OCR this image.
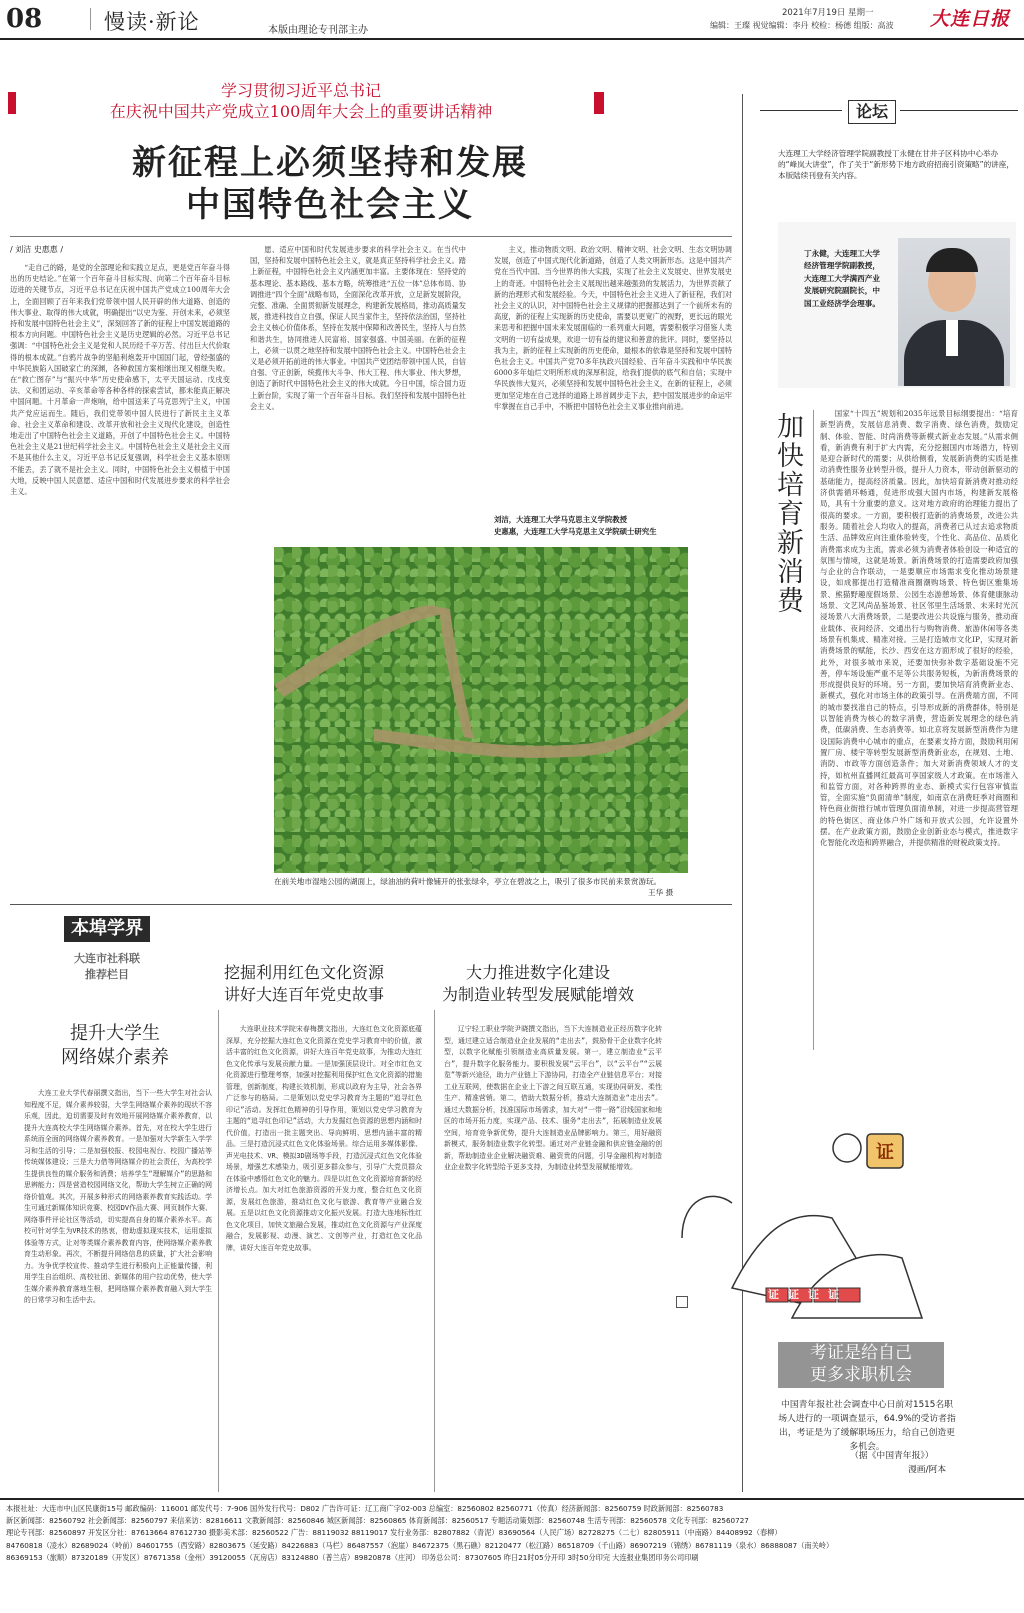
08	慢读·新论	本版由理论专刊部主办
2021年7月19日 星期一
编辑：王璨 视觉编辑：李丹 校检：杨德 组版：高波 大连日报
学习贯彻习近平总书记
在庆祝中国共产党成立100周年大会上的重要讲话精神
新征程上必须坚持和发展
中国特色社会主义
/ 刘洁 史惠惠 /

“走自己的路，是党的全部理论和实践立足点，更是党百年奋斗得出的历史结论。”在第一个百年奋斗目标实现、向第二个百年奋斗目标迈进的关键节点，习近平总书记在庆祝中国共产党成立100周年大会上，全面回顾了百年来我们党带领中国人民开辟的伟大道路、创造的伟大事业、取得的伟大成就，明确提出“以史为鉴、开创未来，必须坚持和发展中国特色社会主义”，深刻回答了新的征程上中国发展道路的根本方向问题。中国特色社会主义是历史逻辑的必然。习近平总书记强调：“中国特色社会主义是党和人民历经千辛万苦、付出巨大代价取得的根本成就。”自鸦片战争的坚船利炮轰开中国国门起，曾经强盛的中华民族陷入国破家亡的深渊，各种救国方案相继出现又相继失败。在“救亡图存”与“振兴中华”历史使命感下，太平天国运动、戊戌变法、义和团运动、辛亥革命等各种各样的探索尝试，都未能真正解决中国问题。十月革命一声炮响，给中国送来了马克思列宁主义，中国共产党应运而生。随后，我们党带领中国人民进行了新民主主义革命、社会主义革命和建设、改革开放和社会主义现代化建设，创造性地走出了中国特色社会主义道路，开创了中国特色社会主义。中国特色社会主义是21世纪科学社会主义。中国特色社会主义是社会主义而不是其他什么主义，习近平总书记反复强调，科学社会主义基本原则不能丢，丢了就不是社会主义。同时，中国特色社会主义根植于中国大地，反映中国人民意愿、适应中国和时代发展进步要求的科学社会主义。

愿、适应中国和时代发展进步要求的科学社会主义。在当代中国，坚持和发展中国特色社会主义，就是真正坚持科学社会主义。踏上新征程，中国特色社会主义内涵更加丰富。主要体现在：坚持党的基本理论、基本路线、基本方略，统筹推进“五位一体”总体布局、协调推进“四个全面”战略布局，全面深化改革开放，立足新发展阶段，完整、准确、全面贯彻新发展理念，构建新发展格局，推动高质量发展，推进科技自立自强，保证人民当家作主，坚持依法治国，坚持社会主义核心价值体系，坚持在发展中保障和改善民生，坚持人与自然和谐共生，协同推进人民富裕、国家强盛、中国美丽。在新的征程上，必须一以贯之地坚持和发展中国特色社会主义。中国特色社会主义是必须开拓前进的伟大事业。中国共产党团结带领中国人民，自信自强、守正创新，统揽伟大斗争、伟大工程、伟大事业、伟大梦想，创造了新时代中国特色社会主义的伟大成就。今日中国，综合国力迈上新台阶，实现了第一个百年奋斗目标。我们坚持和发展中国特色社会主义。

主义，推动物质文明、政治文明、精神文明、社会文明、生态文明协调发展，创造了中国式现代化新道路，创造了人类文明新形态。这是中国共产党在当代中国、当今世界的伟大实践，实现了社会主义发展史、世界发展史上的奇迹。中国特色社会主义展现出越来越强劲的发展活力，为世界贡献了新的治理形式和发展经验。今天，中国特色社会主义进入了新征程，我们对社会主义的认识，对中国特色社会主义规律的把握都达到了一个前所未有的高度，新的征程上实现新的历史使命，需要以更宽广的视野，更长远的眼光来思考和把握中国未来发展面临的一系列重大问题，需要积极学习借鉴人类文明的一切有益成果，欢迎一切有益的建议和善意的批评。同时，要坚持以我为主，新的征程上实现新的历史使命，最根本的依靠是坚持和发展中国特色社会主义。中国共产党70多年执政兴国经验、百年奋斗实践和中华民族6000多年灿烂文明所形成的深厚积淀，给我们提供的底气和自信；实现中华民族伟大复兴，必须坚持和发展中国特色社会主义，在新的征程上，必须更加坚定地在自己选择的道路上昂首阔步走下去，把中国发展进步的命运牢牢掌握在自己手中，不断把中国特色社会主义事业推向前进。

刘洁，大连理工大学马克思主义学院教授
史惠惠，大连理工大学马克思主义学院硕士研究生
在前关地市湿地公园的湖面上，绿油油的荷叶像铺开的张张绿伞，亭立在碧波之上，吸引了很多市民前来景赏游玩。
王华 摄
论坛
大连理工大学经济管理学院副教授丁永健在甘井子区科协中心举办的“峰岚大讲堂”，作了关于“新形势下地方政府招商引资策略”的讲座，本版陆续刊登有关内容。
丁永健，大连理工大学经济管理学院副教授，大连理工大学满西产业发展研究院副院长，中国工业经济学会理事。
加快培育新消费	国家“十四五”规划和2035年远景目标纲要提出：“培育新型消费，发展信息消费、数字消费、绿色消费，鼓励定制、体验、智能、时尚消费等新模式新业态发展。”从需求侧看，新消费有利于扩大内需，充分挖掘国内市场潜力，特别是迎合新时代的需要；从供给侧看，发展新消费的实质是推动消费性服务业转型升级，提升人力资本，带动创新驱动的基础能力，提高经济质量。因此，加快培育新消费对推动经济供需循环畅通，促进形成强大国内市场，构建新发展格局，具有十分重要的意义。这对地方政府的治理能力提出了很高的要求。一方面，要积极打造新的消费场景，改进公共服务。随着社会人均收入的提高，消费者已从过去追求物质生活、品牌效应向注重体验转变，个性化、高品位、品质化消费需求成为主流，需求必须为消费者体验创设一种适宜的氛围与情境，这就是场景。新消费场景的打造需要政府加强与企业的合作联动，一是要顺应市场需求变化推动场景建设，如成都提出打造精准商圈潮购场景、特色街区雅集场景、熊猫野趣度假场景、公园生态游憩场景、体育健康脉动场景、文艺风尚品鉴场景、社区邻里生活场景、未来时光沉浸场景八大消费场景，二是要改进公共设施与服务，推动商业载体、夜间经济、交通出行与购物消费、旅游休闲等各类场景有机集成、精准对接。三是打造城市文化IP，实现对新消费场景的赋能，长沙、西安在这方面形成了很好的经验，此外，对很多城市来说，还要加快弥补数字基础设施不完善，停车场设施严重不足等公共服务短板，为新消费场景的形成提供良好的环境。另一方面，要加快培育消费新业态、新模式，强化对市场主体的政策引导。在消费端方面，不同的城市要找准自己的特点，引导形成新的消费群体，特别是以智能消费为核心的数字消费，营造新发展理念的绿色消费，低碳消费、生态消费等。如北京将发展新型消费作为建设国际消费中心城市的重点，在要素支持方面，鼓励利用闲置厂房、楼宇等转型发展新型消费新业态，在规划、土地、消防、市政等方面创造条件；加大对新消费领域人才的支持，如杭州直播网红最高可享国家级人才政策。在市场准入和监管方面，对各种跨界的业态、新模式实行包容审慎监管，全面实施“负面清单”制度，如南京在消费旺季对商圈和特色商业街推行城市管理负面清单制，对进一步提高营管理的特色街区、商业体户外广场和开放式公园，允许设置外摆。在产业政策方面，鼓励企业创新业态与模式，推进数字化智能化改造和跨界融合，并提供精准的财税政策支持。

证
证证证证
考证是给自己
更多求职机会
中国青年报社社会调查中心日前对1515名职场人进行的一项调查显示，64.9%的受访者指出，考证是为了缓解职场压力，给自己创造更多机会。
（据《中国青年报》）
漫画/阿本
本埠学界
大连市社科联
推荐栏目
提升大学生
网络媒介素养

大连工业大学代春丽撰文指出，当下一些大学生对社会认知程度不足，媒介素养较弱，大学生网络媒介素养的现状不容乐观，因此，迫切需要及时有效地开展网络媒介素养教育，以提升大连高校大学生网络媒介素养。首先，对在校大学生进行系统而全面的网络媒介素养教育。一是加强对大学新生入学学习和生活的引导；二是加强校报、校园电视台、校园广播站等传统媒体建设；三是大力借等网络媒介的社会责任，为高校学生提供良性的媒介服务和消费；培养学生“理解媒介”的思路和思辨能力；四是营造校园网络文化，帮助大学生树立正确的网络价值观。其次，开展多种形式的网络素养教育实践活动。学生可通过新媒体知识竞赛、校园DV作品大赛、网页制作大赛、网络事件评论社区等活动，切实提高自身的媒介素养水平。高校可针对学生为VR技术的热衷，借助虚拟现实技术，运用虚拟体验等方式，让对等类媒介素养教育内容，使网络媒介素养教育生动形象。再次，不断提升网络信息的质量，扩大社会影响力。为争优学校宣传、推动学生进行积极向上正能量传播，利用学生自治组织、高校社团、新媒体的用户拉动优势，使大学生媒介素养教育落地生根，把网络媒介素养教育融入到大学生的日常学习和生活中去。

挖掘利用红色文化资源
讲好大连百年党史故事

大连职业技术学院宋春梅撰文指出，大连红色文化资源底蕴深厚，充分挖掘大连红色文化资源在党史学习教育中的价值，激活丰富的红色文化资源，讲好大连百年党史故事，为推动大连红色文化传承与发展贡献力量。一是加强顶层设计。对全市红色文化资源进行整理考察，加强对挖掘利用保护红色文化资源的措施管理，创新制度，构建长效机制，形成以政府为主导，社会各界广泛参与的格局。二是策划以党史学习教育为主题的“追寻红色印记”活动。发挥红色精神的引导作用，策划以党史学习教育为主题的“追寻红色印记”活动，大力发掘红色资源的思想内涵和时代价值，打造出一批主题突出、导向鲜明、思想内涵丰富的精品。三是打造沉浸式红色文化体验场景。综合运用多媒体影像、声光电技术、VR、模拟3D剧场等手段，打造沉浸式红色文化体验场景，增强艺术感染力，吸引更多群众参与，引导广大党员群众在体验中感悟红色文化的魅力。四是以红色文化资源培育新的经济增长点。加大对红色旅游资源的开发力度，整合红色文化资源，发展红色旅游，推动红色文化与旅游、教育等产业融合发展。五是以红色文化资源推动文化振兴发展。打造大连地标性红色文化项目，加快文旅融合发展，推动红色文化资源与产业深度融合，发展影视、动漫、演艺、文创等产业，打造红色文化品牌，讲好大连百年党史故事。

大力推进数字化建设
为制造业转型发展赋能增效

辽宁轻工职业学院尹晓撰文指出，当下大连制造业正经历数字化转型，通过建立适合制造业企业发展的“走出去”，鼓励骨干企业数字化转型，以数字化赋能引领制造业高质量发展。第一，建立制造业“云平台”，提升数字化服务能力。要积极发展“云平台”，以“云平台”“云展览”等新兴途径，助力产业链上下游协同，打造全产业链信息平台；对接工业互联网，使数据在企业上下游之间互联互通，实现协同研发、柔性生产、精准营销。第二，借助大数据分析，推动大连制造业“走出去”。通过大数据分析，找准国际市场需求，加大对“一带一路”沿线国家和地区的市场开拓力度，实现产品、技术、服务“走出去”，拓展制造业发展空间，培育竞争新优势，提升大连制造业品牌影响力。第三，用好融资新模式，服务制造业数字化转型。通过对产业链金融和供应链金融的创新，帮助制造业企业解决融资难、融资贵的问题，引导金融机构对制造业企业数字化转型给予更多支持，为制造业转型发展赋能增效。

本报社址：大连市中山区民康街15号 邮政编码：116001 邮发代号：7-906 国外发行代号：D802 广告许可证：辽工商广字02-003 总编室：82560802 82560771（传真）经济新闻部：82560759 时政新闻部：82560783
新区新闻部：82560792 社会新闻部：82560797 来信来访：82816611 文教新闻部：82560846 城区新闻部：82560865 体育新闻部：82560517 专题活动策划部：82560748 生活专刊部：82560578 文化专刊部：82560727
理论专刊部：82560897 开发区分社：87613664 87612730 摄影美术部：82560522 广告：88119032 88119017 发行业务部：82807882（青泥）83690564（人民广场）82728275（二七）82805911（中南路）84408992（春柳）
84760818（凌水）82689024（岭前）84601755（西安路）82803675（延安路）84226883（马栏）86487557（泡崖）84672375（黑石礁）82120477（松江路）86518709（千山路）86907219（锦绣）86781119（泉水）86888087（南关岭）
86369153（旅顺）87320189（开发区）87671358（金州）39120055（瓦房店）83124880（普兰店）89820878（庄河） 印务总公司：87307605 昨日21时05分开印 3时50分印完 大连报业集团印务公司印刷
